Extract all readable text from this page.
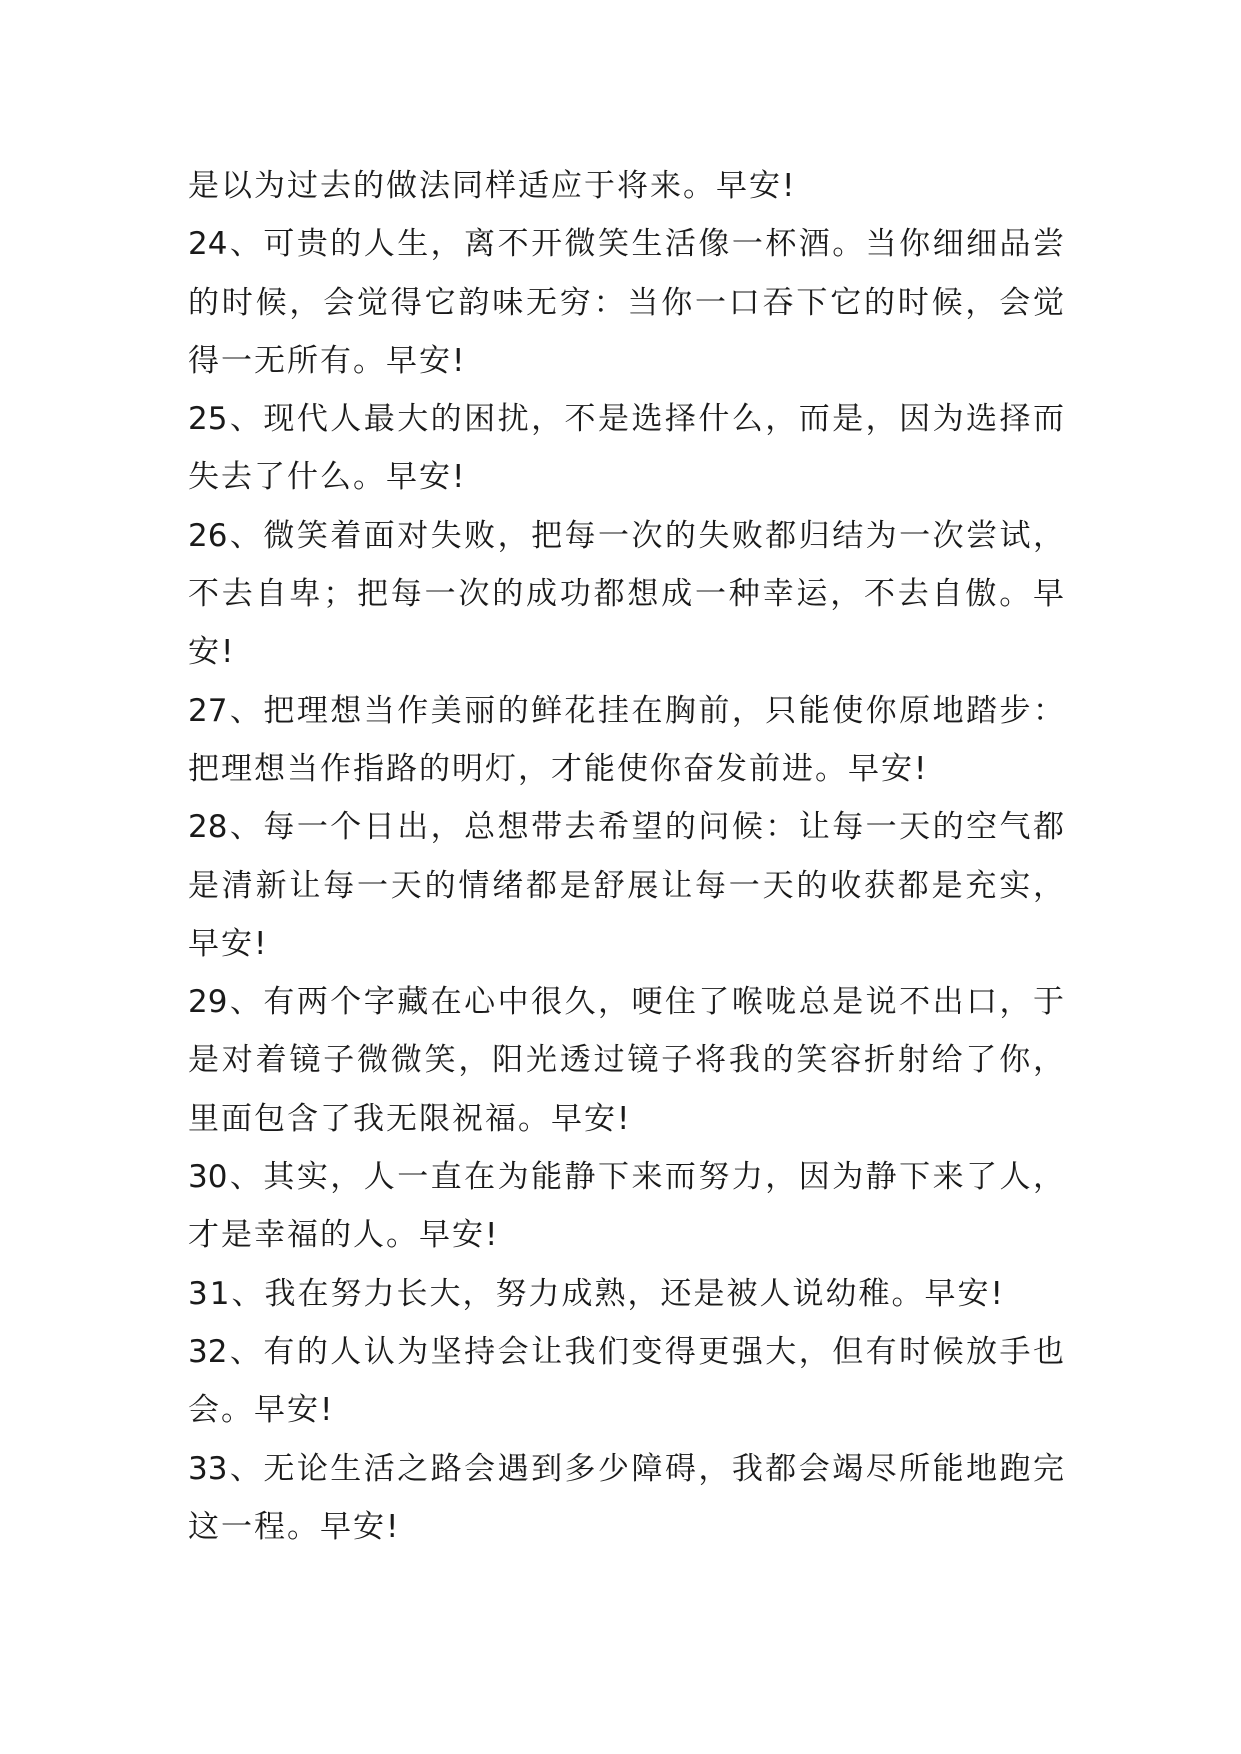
是以为过去的做法同样适应于将来。早安!
24、可贵的人生，离不开微笑生活像一杯酒。当你细细品尝
的时候，会觉得它韵味无穷：当你一口吞下它的时候，会觉
得一无所有。早安!
25、现代人最大的困扰，不是选择什么，而是，因为选择而
失去了什么。早安!
26、微笑着面对失败，把每一次的失败都归结为一次尝试，
不去自卑；把每一次的成功都想成一种幸运，不去自傲。早
安!
27、把理想当作美丽的鲜花挂在胸前，只能使你原地踏步：
把理想当作指路的明灯，才能使你奋发前进。早安!
28、每一个日出，总想带去希望的问候：让每一天的空气都
是清新让每一天的情绪都是舒展让每一天的收获都是充实，
早安!
29、有两个字藏在心中很久，哽住了喉咙总是说不出口，于
是对着镜子微微笑，阳光透过镜子将我的笑容折射给了你，
里面包含了我无限祝福。早安!
30、其实，人一直在为能静下来而努力，因为静下来了人，
才是幸福的人。早安!
31、我在努力长大，努力成熟，还是被人说幼稚。早安!
32、有的人认为坚持会让我们变得更强大，但有时候放手也
会。早安!
33、无论生活之路会遇到多少障碍，我都会竭尽所能地跑完
这一程。早安!
